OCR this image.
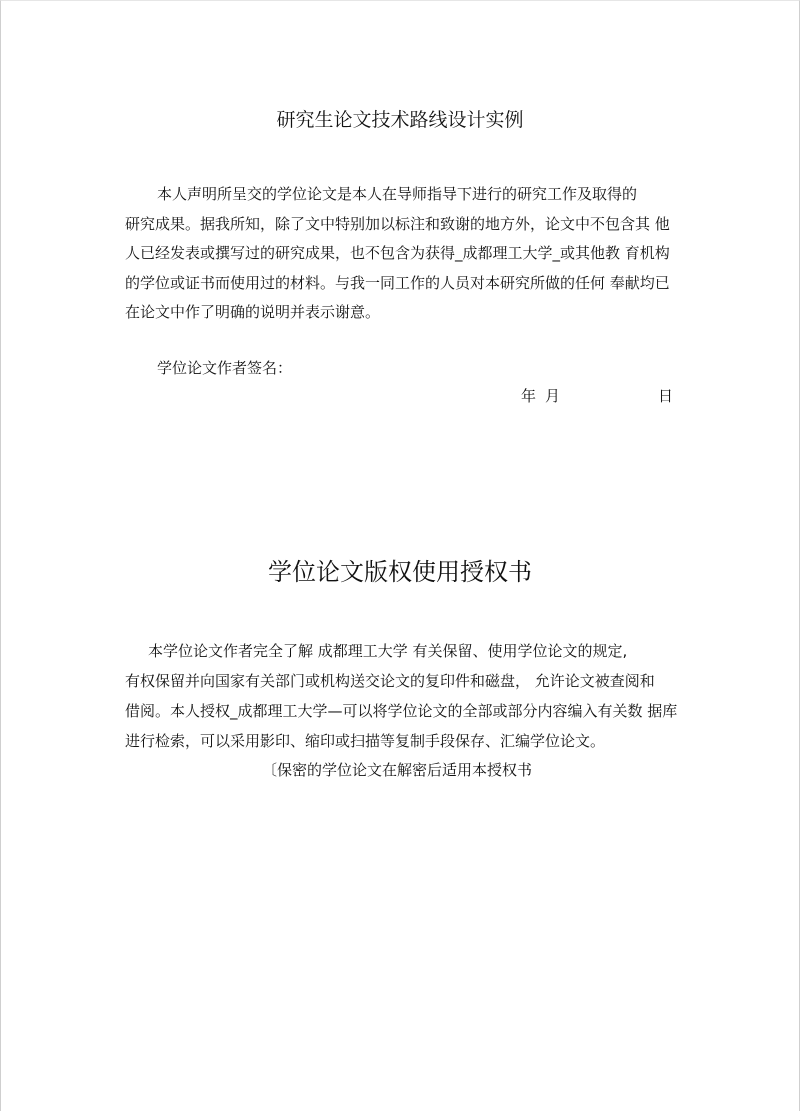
研究生论文技术路线设计实例
本人声明所呈交的学位论文是本人在导师指导下进行的研究工作及取得的
研究成果。据我所知，除了文中特别加以标注和致谢的地方外，论文中不包含其 他
人已经发表或撰写过的研究成果，也不包含为获得_成都理工大学_或其他教 育机构
的学位或证书而使用过的材料。与我一同工作的人员对本研究所做的任何 奉献均已
在论文中作了明确的说明并表示谢意。
学位论文作者签名：
年 月	日
学位论文版权使用授权书
本学位论文作者完全了解 成都理工大学 有关保留、使用学位论文的规定,
有权保留并向国家有关部门或机构送交论文的复印件和磁盘， 允许论文被查阅和
借阅。本人授权_成都理工大学—可以将学位论文的全部或部分内容编入有关数 据库
进行检索，可以采用影印、缩印或扫描等复制手段保存、汇编学位论文。
〔保密的学位论文在解密后适用本授权书
